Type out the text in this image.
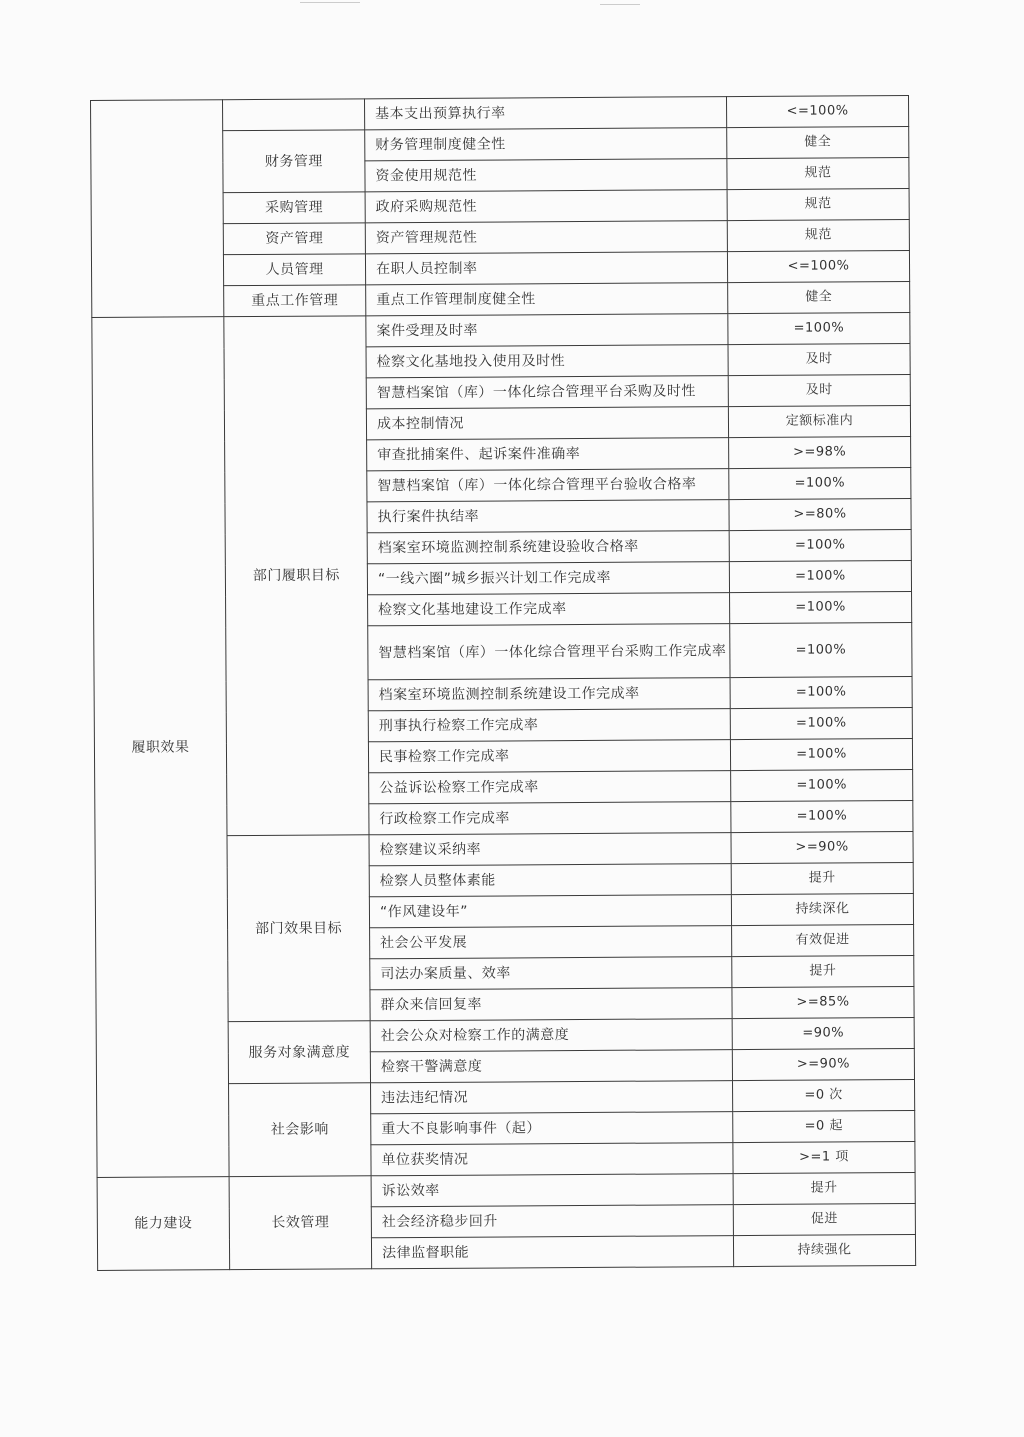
		基本支出预算执行率	<=100%
	财务管理	财务管理制度健全性	健全
		资金使用规范性	规范
	采购管理	政府采购规范性	规范
	资产管理	资产管理规范性	规范
	人员管理	在职人员控制率	<=100%
	重点工作管理	重点工作管理制度健全性	健全
履职效果	部门履职目标	案件受理及时率	=100%
		检察文化基地投入使用及时性	及时
		智慧档案馆（库）一体化综合管理平台采购及时性	及时
		成本控制情况	定额标准内
		审查批捕案件、起诉案件准确率	>=98%
		智慧档案馆（库）一体化综合管理平台验收合格率	=100%
		执行案件执结率	>=80%
		档案室环境监测控制系统建设验收合格率	=100%
		“一线六圈”城乡振兴计划工作完成率	=100%
		检察文化基地建设工作完成率	=100%
		智慧档案馆（库）一体化综合管理平台采购工作完成率	=100%
		档案室环境监测控制系统建设工作完成率	=100%
		刑事执行检察工作完成率	=100%
		民事检察工作完成率	=100%
		公益诉讼检察工作完成率	=100%
		行政检察工作完成率	=100%
	部门效果目标	检察建议采纳率	>=90%
		检察人员整体素能	提升
		“作风建设年”	持续深化
		社会公平发展	有效促进
		司法办案质量、效率	提升
		群众来信回复率	>=85%
	服务对象满意度	社会公众对检察工作的满意度	=90%
		检察干警满意度	>=90%
	社会影响	违法违纪情况	=0 次
		重大不良影响事件（起）	=0 起
		单位获奖情况	>=1 项
能力建设	长效管理	诉讼效率	提升
		社会经济稳步回升	促进
		法律监督职能	持续强化
